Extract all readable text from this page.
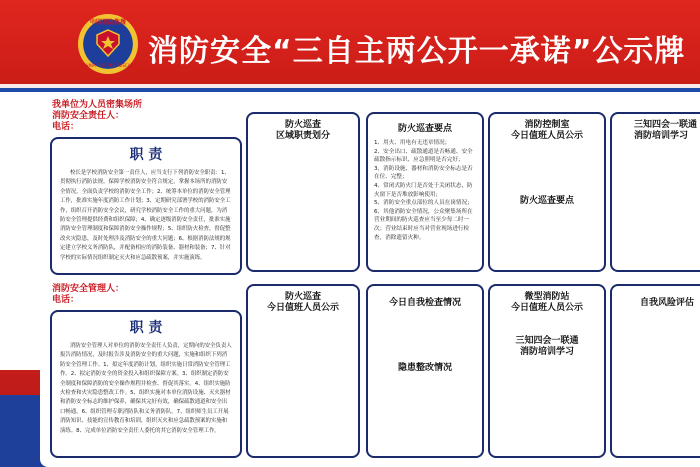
中国消防救援
CHINA FIRE AND RESCUE 消防安全“三自主两公开一承诺”公示牌
我单位为人员密集场所
消防安全责任人：
电话：
职 责
校长是学校消防安全第一责任人，应当支行下列消防安全职责：1、贯彻执行消防法规，保障学校消防安全符合规定，掌握本场所的消防安全情况，全面负责学校的消防安全工作；2、统筹本单位的消防安全管理工作，批准实施年度消防工作计划；3、定期研究部署学校的消防安全工作，组织召开消防安全会议，研究学校消防安全工作的重大问题，为消防安全管理提供经费和组织保障；4、确定逐级消防安全责任，批准实施消防安全管理制度和保障消防安全操作规程；5、组织防火检查，督促整改火灾隐患，及时处理涉及消防安全的重大问题；6、根据消防法规的规定建立学校义务消防队，并配备相应的消防装备、器材和装备；7、针对学校的实际情况组织制定灭火和应急疏散预案，并实施演练。
消防安全管理人：
电话：
职 责
消防安全管理人对单位的消防安全责任人负责，定期向的安全负责人报告消防情况，及时报告涉及消防安全的重大问题，实施和组织下列消防安全管理工作。1、拟定年度消防计划，组织实施日常消防安全管理工作。2、拟定消防安全的资金投入和组织保障方案。3、组织制定消防安全制度和保障消防的安全操作规程并检查、督促其落实。4、组织实施防火检查和火灾隐患整改工作。5、组织实施对本单位消防设施、灭火器材和消防安全标志的维护保养，确保其完好有效，确保疏散通道和安全出口畅通。6、组织管理专职消防队和义务消防队。7、组织师生员工开展消防知识、技能的宣传教育和培训，组织灭火和应急疏散预案的实施和演练。8、完成单位消防安全责任人委托的其它消防安全管理工作。
防火巡查
区域职责划分
防火巡查要点
1、用火、用电有无违章情况；
2、安全出口、疏散通道是否畅通、安全疏散指示标识、应急照明是否完好；
3、消防设施、器材和消防安全标志是否在位、完整；
4、常闭式防火门是否处于关闭状态，防火窗下是否堆放影响使用；
5、消防安全重点部位的人员在岗情况；
6、其他消防安全情况，公众聚集场所在营业期间的防火巡查应当至少每二时一次；营业结束时应当对营业现场进行检查，消除遗留火种。
消防控制室
今日值班人员公示
防火巡查要点
三知四会一联通
消防培训学习
防火巡查
今日值班人员公示	今日自我检查情况
隐患整改情况
微型消防站
今日值班人员公示
三知四会一联通
消防培训学习
自我风险评估
